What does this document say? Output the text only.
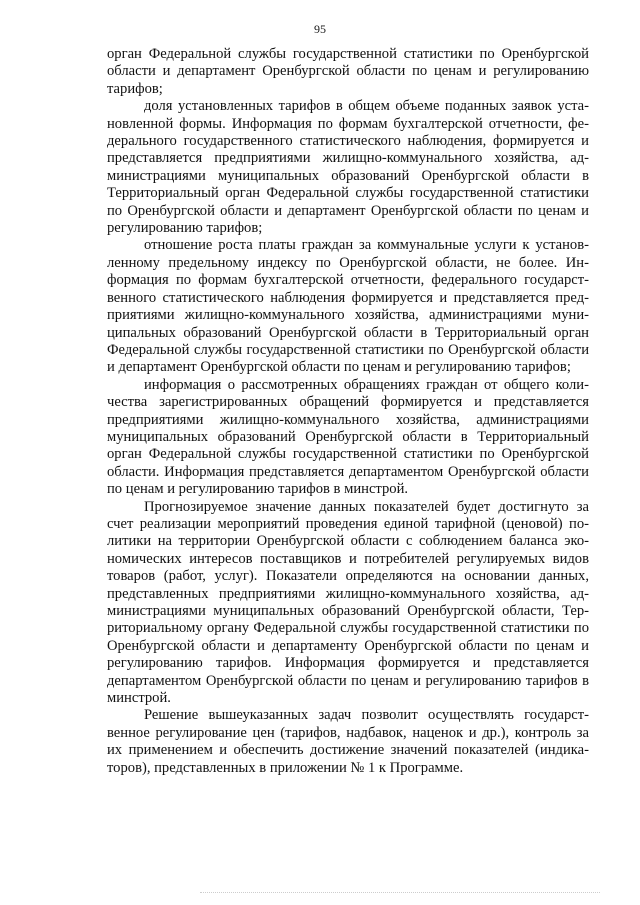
95

орган Федеральной службы государственной статистики по Оренбургской области и департамент Оренбургской области по ценам и регулированию тарифов;

доля установленных тарифов в общем объеме поданных заявок установленной формы. Информация по формам бухгалтерской отчетности, федерального государственного статистического наблюдения, формируется и представляется предприятиями жилищно-коммунального хозяйства, администрациями муниципальных образований Оренбургской области в Территориальный орган Федеральной службы государственной статистики по Оренбургской области и департамент Оренбургской области по ценам и регулированию тарифов;

отношение роста платы граждан за коммунальные услуги к установленному предельному индексу по Оренбургской области, не более. Информация по формам бухгалтерской отчетности, федерального государственного статистического наблюдения формируется и представляется предприятиями жилищно-коммунального хозяйства, администрациями муниципальных образований Оренбургской области в Территориальный орган Федеральной службы государственной статистики по Оренбургской области и департамент Оренбургской области по ценам и регулированию тарифов;

информация о рассмотренных обращениях граждан от общего количества зарегистрированных обращений формируется и представляется предприятиями жилищно-коммунального хозяйства, администрациями муниципальных образований Оренбургской области в Территориальный орган Федеральной службы государственной статистики по Оренбургской области. Информация представляется департаментом Оренбургской области по ценам и регулированию тарифов в минстрой.

Прогнозируемое значение данных показателей будет достигнуто за счет реализации мероприятий проведения единой тарифной (ценовой) политики на территории Оренбургской области с соблюдением баланса экономических интересов поставщиков и потребителей регулируемых видов товаров (работ, услуг). Показатели определяются на основании данных, представленных предприятиями жилищно-коммунального хозяйства, администрациями муниципальных образований Оренбургской области, Территориальному органу Федеральной службы государственной статистики по Оренбургской области и департаменту Оренбургской области по ценам и регулированию тарифов. Информация формируется и представляется департаментом Оренбургской области по ценам и регулированию тарифов в минстрой.

Решение вышеуказанных задач позволит осуществлять государственное регулирование цен (тарифов, надбавок, наценок и др.), контроль за их применением и обеспечить достижение значений показателей (индикаторов), представленных в приложении № 1 к Программе.
